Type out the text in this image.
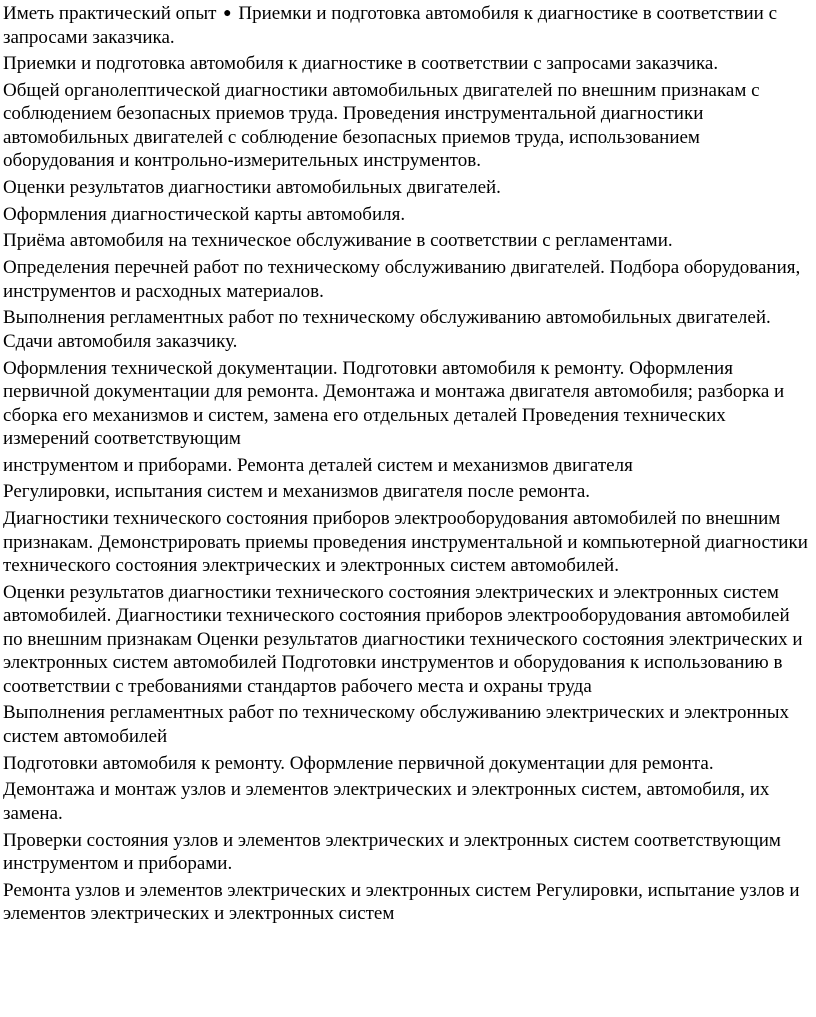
Иметь практический опыт ● Приемки и подготовка автомобиля к диагностике в соответствии с запросами заказчика.

Приемки и подготовка автомобиля к диагностике в соответствии с запросами заказчика.

Общей органолептической диагностики автомобильных двигателей по внешним признакам с соблюдением безопасных приемов труда. Проведения инструментальной диагностики автомобильных двигателей с соблюдение безопасных приемов труда, использованием оборудования и контрольно-измерительных инструментов.

Оценки результатов диагностики автомобильных двигателей.

Оформления диагностической карты автомобиля.

Приёма автомобиля на техническое обслуживание в соответствии с регламентами.

Определения перечней работ по техническому обслуживанию двигателей. Подбора оборудования, инструментов и расходных материалов.

Выполнения регламентных работ по техническому обслуживанию автомобильных двигателей. Сдачи автомобиля заказчику.

Оформления технической документации. Подготовки автомобиля к ремонту. Оформления первичной документации для ремонта. Демонтажа и монтажа двигателя автомобиля; разборка и сборка его механизмов и систем, замена его отдельных деталей Проведения технических измерений соответствующим

инструментом и приборами. Ремонта деталей систем и механизмов двигателя

Регулировки, испытания систем и механизмов двигателя после ремонта.

Диагностики технического состояния приборов электрооборудования автомобилей по внешним признакам. Демонстрировать приемы проведения инструментальной и компьютерной диагностики технического состояния электрических и электронных систем автомобилей.

Оценки результатов диагностики технического состояния электрических и электронных систем автомобилей. Диагностики технического состояния приборов электрооборудования автомобилей по внешним признакам Оценки результатов диагностики технического состояния электрических и электронных систем автомобилей Подготовки инструментов и оборудования к использованию в соответствии с требованиями стандартов рабочего места и охраны труда

Выполнения регламентных работ по техническому обслуживанию электрических и электронных систем автомобилей

Подготовки автомобиля к ремонту. Оформление первичной документации для ремонта.

Демонтажа и монтаж узлов и элементов электрических и электронных систем, автомобиля, их замена.

Проверки состояния узлов и элементов электрических и электронных систем соответствующим инструментом и приборами.

Ремонта узлов и элементов электрических и электронных систем Регулировки, испытание узлов и элементов электрических и электронных систем
